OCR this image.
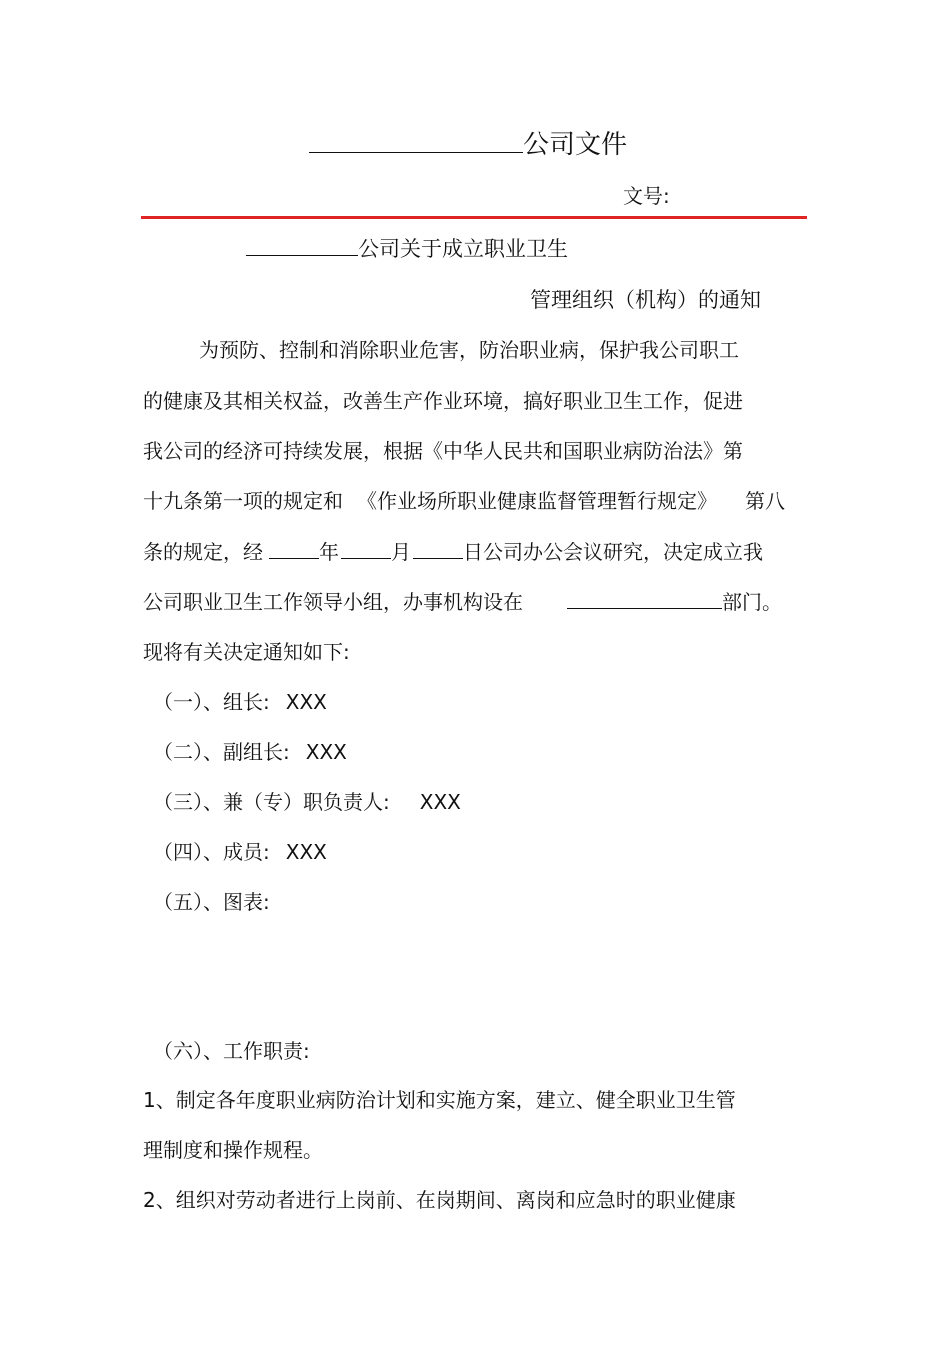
公司文件
文号:
公司关于成立职业卫生
管理组织（机构）的通知
为预防、控制和消除职业危害，防治职业病，保护我公司职工
的健康及其相关权益，改善生产作业环境，搞好职业卫生工作，促进
我公司的经济可持续发展，根据《中华人民共和国职业病防治法》第
十九条第一项的规定和 《作业场所职业健康监督管理暂行规定》 第八
条的规定，经	年	月	日公司办公会议研究，决定成立我
公司职业卫生工作领导小组，办事机构设在	部门。
现将有关决定通知如下:
（一）、组长: XXX
（二）、副组长: XXX
（三）、兼（专）职负责人: XXX
（四）、成员: XXX
（五）、图表:
（六）、工作职责:
1、制定各年度职业病防治计划和实施方案，建立、健全职业卫生管
理制度和操作规程。
2、组织对劳动者进行上岗前、在岗期间、离岗和应急时的职业健康
